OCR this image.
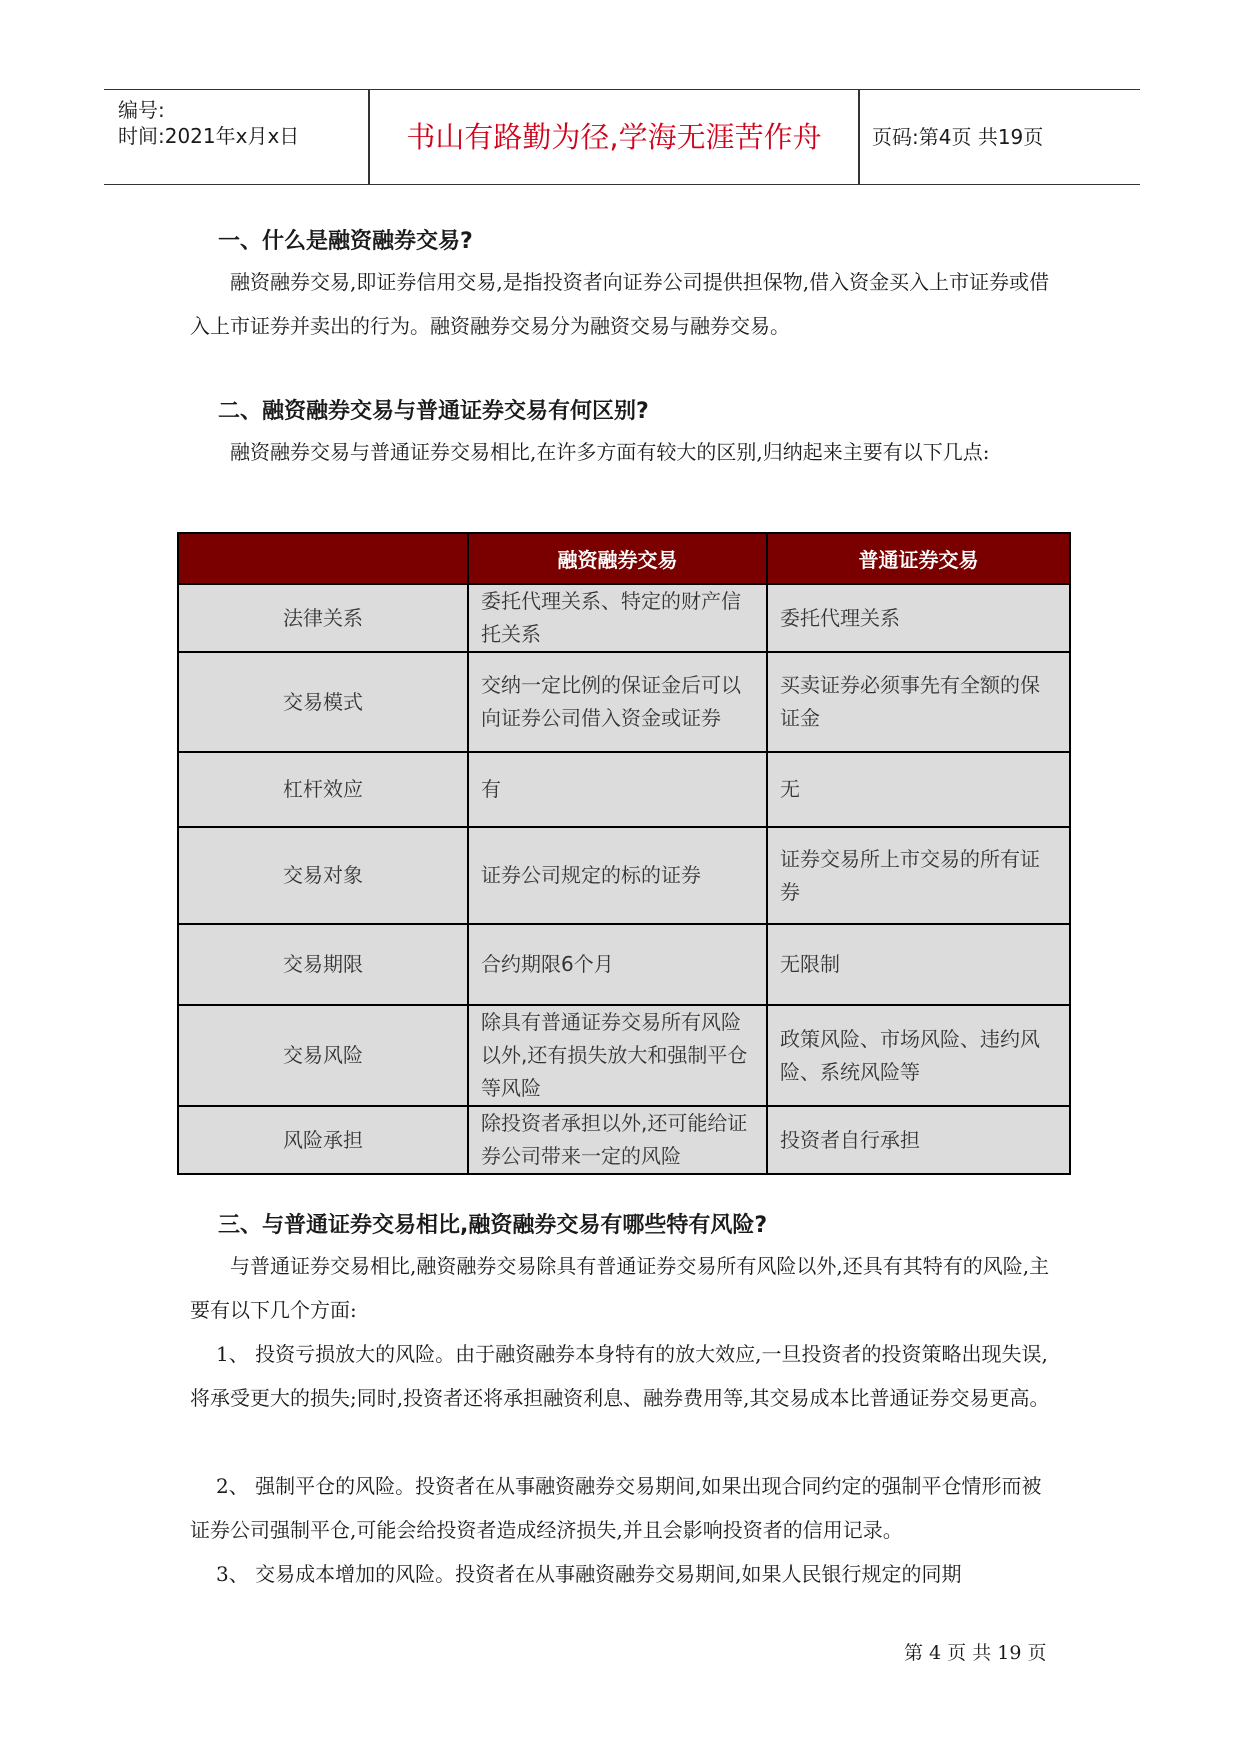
编号:
时间:2021年x月x日	书山有路勤为径,学海无涯苦作舟	页码:第4页 共19页
一、什么是融资融券交易?

融资融券交易,即证券信用交易,是指投资者向证券公司提供担保物,借入资金买入上市证券或借入上市证券并卖出的行为。融资融券交易分为融资交易与融券交易。

二、融资融券交易与普通证券交易有何区别?

融资融券交易与普通证券交易相比,在许多方面有较大的区别,归纳起来主要有以下几点:

	融资融券交易	普通证券交易
法律关系	委托代理关系、特定的财产信托关系	委托代理关系
交易模式	交纳一定比例的保证金后可以向证券公司借入资金或证券	买卖证券必须事先有全额的保证金
杠杆效应	有	无
交易对象	证券公司规定的标的证券	证券交易所上市交易的所有证券
交易期限	合约期限6个月	无限制
交易风险	除具有普通证券交易所有风险以外,还有损失放大和强制平仓等风险	政策风险、市场风险、违约风险、系统风险等
风险承担	除投资者承担以外,还可能给证券公司带来一定的风险	投资者自行承担
三、与普通证券交易相比,融资融券交易有哪些特有风险?

与普通证券交易相比,融资融券交易除具有普通证券交易所有风险以外,还具有其特有的风险,主要有以下几个方面:

1、 投资亏损放大的风险。由于融资融券本身特有的放大效应,一旦投资者的投资策略出现失误,将承受更大的损失;同时,投资者还将承担融资利息、融券费用等,其交易成本比普通证券交易更高。

2、 强制平仓的风险。投资者在从事融资融券交易期间,如果出现合同约定的强制平仓情形而被证券公司强制平仓,可能会给投资者造成经济损失,并且会影响投资者的信用记录。

3、 交易成本增加的风险。投资者在从事融资融券交易期间,如果人民银行规定的同期

第 4 页 共 19 页
